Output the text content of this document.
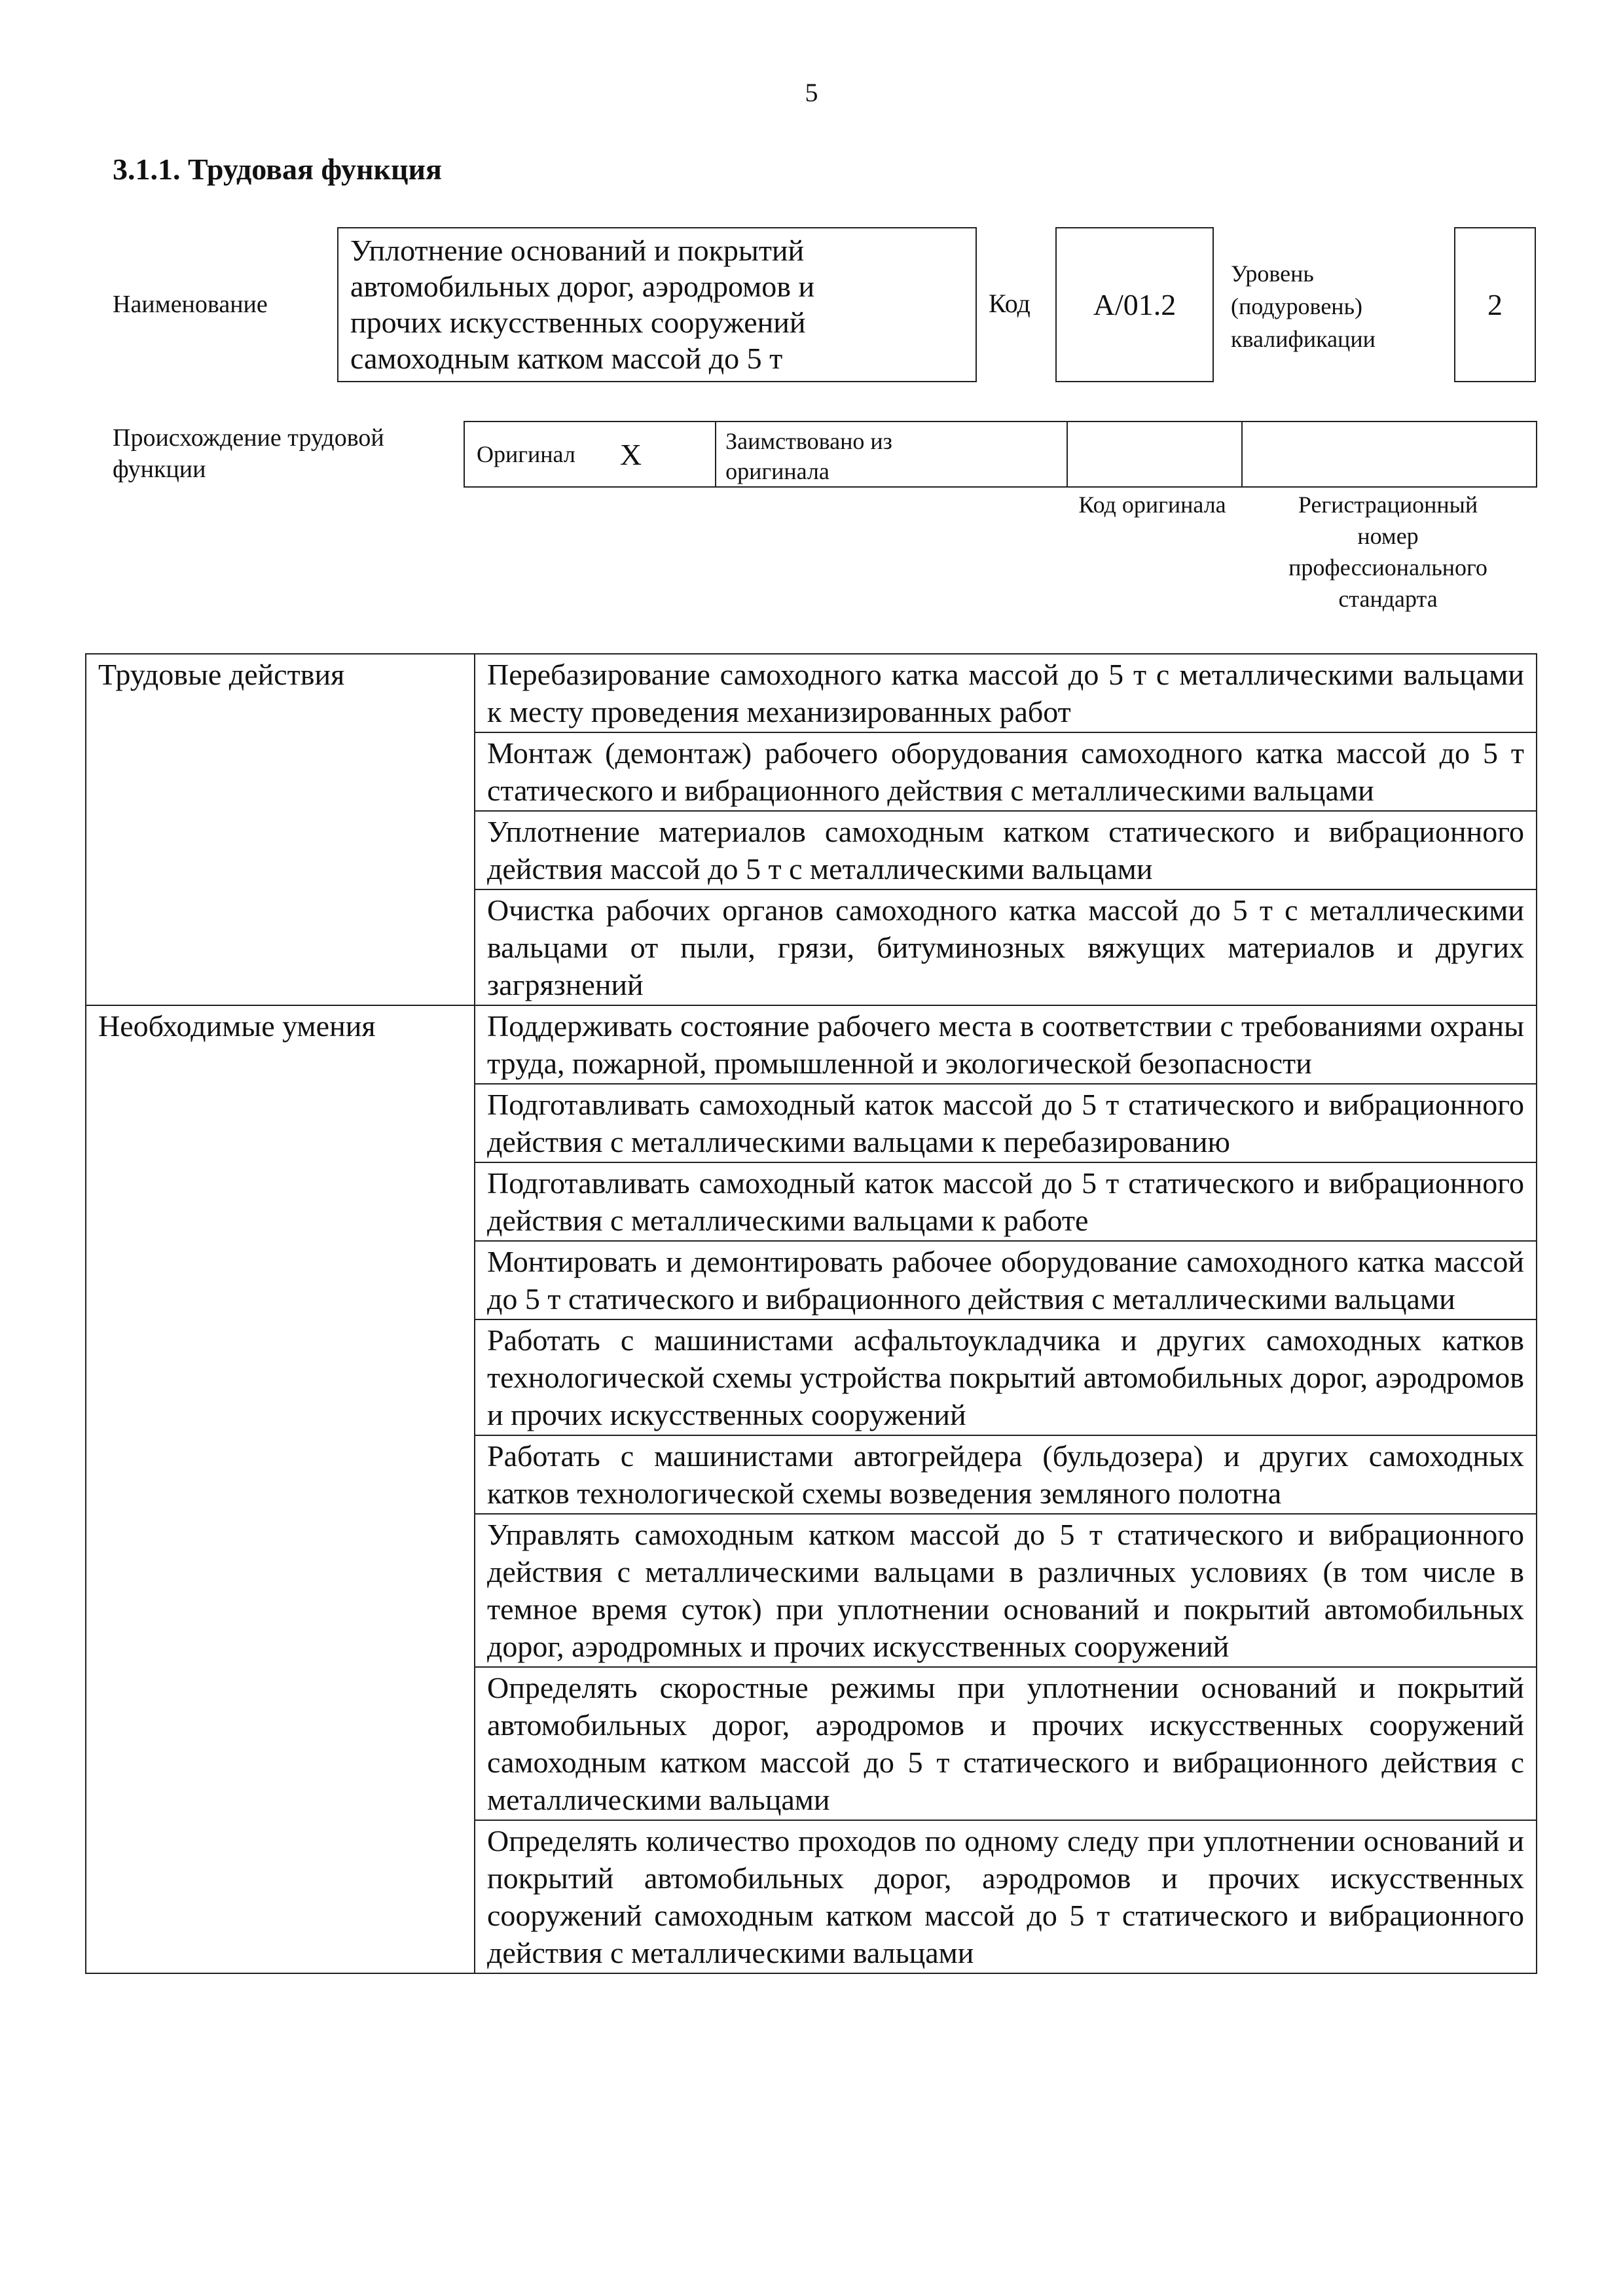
5
3.1.1. Трудовая функция
Наименование
Уплотнение оснований и покрытий
автомобильных дорог, аэродромов и
прочих искусственных сооружений
самоходным катком массой до 5 т
Код A/01.2
Уровень
(подуровень)
квалификации
2
Происхождение трудовой
функции
Оригинал X	Заимствовано из
оригинала
Код оригинала	Регистрационный
номер
профессионального
стандарта
Трудовые действия	Перебазирование самоходного катка массой до 5 т с металлическими вальцами к месту проведения механизированных работ
	Монтаж (демонтаж) рабочего оборудования самоходного катка массой до 5 т статического и вибрационного действия с металлическими вальцами
	Уплотнение материалов самоходным катком статического и вибрационного действия массой до 5 т с металлическими вальцами
	Очистка рабочих органов самоходного катка массой до 5 т с металлическими вальцами от пыли, грязи, битуминозных вяжущих материалов и других загрязнений
Необходимые умения	Поддерживать состояние рабочего места в соответствии с требованиями охраны труда, пожарной, промышленной и экологической безопасности
	Подготавливать самоходный каток массой до 5 т статического и вибрационного действия с металлическими вальцами к перебазированию
	Подготавливать самоходный каток массой до 5 т статического и вибрационного действия с металлическими вальцами к работе
	Монтировать и демонтировать рабочее оборудование самоходного катка массой до 5 т статического и вибрационного действия с металлическими вальцами
	Работать с машинистами асфальтоукладчика и других самоходных катков технологической схемы устройства покрытий автомобильных дорог, аэродромов и прочих искусственных сооружений
	Работать с машинистами автогрейдера (бульдозера) и других самоходных катков технологической схемы возведения земляного полотна
	Управлять самоходным катком массой до 5 т статического и вибрационного действия с металлическими вальцами в различных условиях (в том числе в темное время суток) при уплотнении оснований и покрытий автомобильных дорог, аэродромных и прочих искусственных сооружений
	Определять скоростные режимы при уплотнении оснований и покрытий автомобильных дорог, аэродромов и прочих искусственных сооружений самоходным катком массой до 5 т статического и вибрационного действия с металлическими вальцами
	Определять количество проходов по одному следу при уплотнении оснований и покрытий автомобильных дорог, аэродромов и прочих искусственных сооружений самоходным катком массой до 5 т статического и вибрационного действия с металлическими вальцами
